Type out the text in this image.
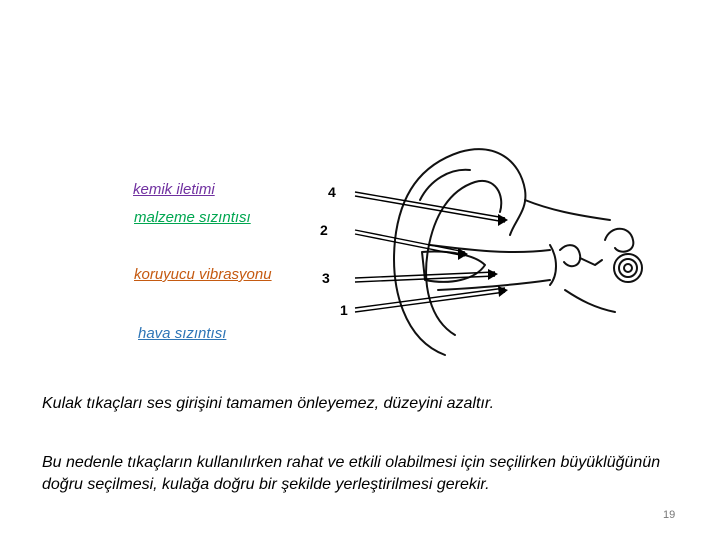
kemik iletimi
malzeme sızıntısı
koruyucu vibrasyonu
hava sızıntısı
4
2
3
1
Kulak tıkaçları ses girişini tamamen önleyemez, düzeyini azaltır.
Bu nedenle tıkaçların kullanılırken rahat ve etkili olabilmesi için seçilirken büyüklüğünün doğru seçilmesi, kulağa doğru bir şekilde yerleştirilmesi gerekir.
19
